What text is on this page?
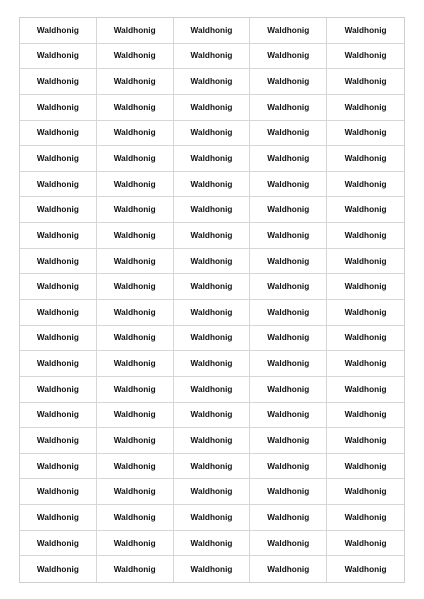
Waldhonig	Waldhonig	Waldhonig	Waldhonig	Waldhonig
Waldhonig	Waldhonig	Waldhonig	Waldhonig	Waldhonig
Waldhonig	Waldhonig	Waldhonig	Waldhonig	Waldhonig
Waldhonig	Waldhonig	Waldhonig	Waldhonig	Waldhonig
Waldhonig	Waldhonig	Waldhonig	Waldhonig	Waldhonig
Waldhonig	Waldhonig	Waldhonig	Waldhonig	Waldhonig
Waldhonig	Waldhonig	Waldhonig	Waldhonig	Waldhonig
Waldhonig	Waldhonig	Waldhonig	Waldhonig	Waldhonig
Waldhonig	Waldhonig	Waldhonig	Waldhonig	Waldhonig
Waldhonig	Waldhonig	Waldhonig	Waldhonig	Waldhonig
Waldhonig	Waldhonig	Waldhonig	Waldhonig	Waldhonig
Waldhonig	Waldhonig	Waldhonig	Waldhonig	Waldhonig
Waldhonig	Waldhonig	Waldhonig	Waldhonig	Waldhonig
Waldhonig	Waldhonig	Waldhonig	Waldhonig	Waldhonig
Waldhonig	Waldhonig	Waldhonig	Waldhonig	Waldhonig
Waldhonig	Waldhonig	Waldhonig	Waldhonig	Waldhonig
Waldhonig	Waldhonig	Waldhonig	Waldhonig	Waldhonig
Waldhonig	Waldhonig	Waldhonig	Waldhonig	Waldhonig
Waldhonig	Waldhonig	Waldhonig	Waldhonig	Waldhonig
Waldhonig	Waldhonig	Waldhonig	Waldhonig	Waldhonig
Waldhonig	Waldhonig	Waldhonig	Waldhonig	Waldhonig
Waldhonig	Waldhonig	Waldhonig	Waldhonig	Waldhonig
